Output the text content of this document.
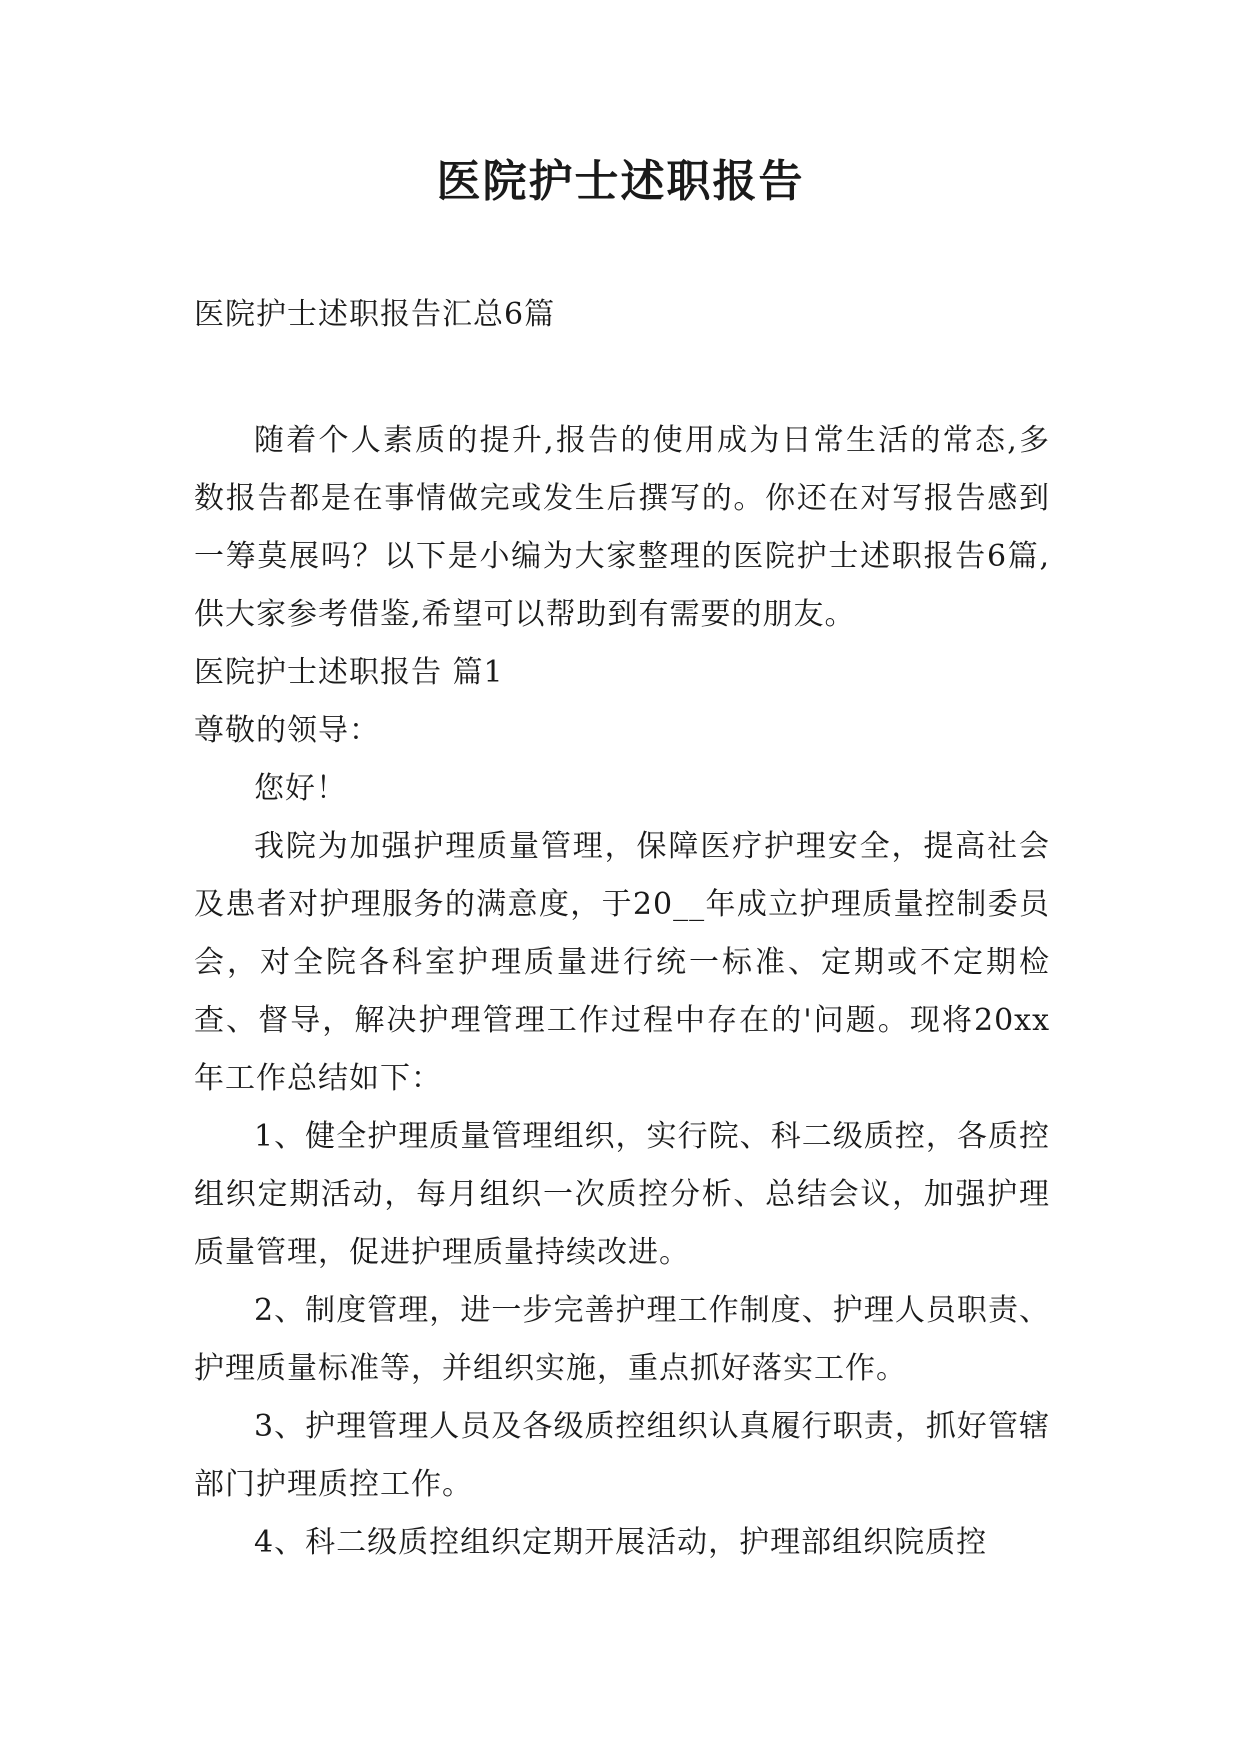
医院护士述职报告
医院护士述职报告汇总6篇

随着个人素质的提升,报告的使用成为日常生活的常态,多数报告都是在事情做完或发生后撰写的。你还在对写报告感到一筹莫展吗？以下是小编为大家整理的医院护士述职报告6篇,供大家参考借鉴,希望可以帮助到有需要的朋友。

医院护士述职报告 篇1

尊敬的领导：

您好！

我院为加强护理质量管理，保障医疗护理安全，提高社会及患者对护理服务的满意度，于20__年成立护理质量控制委员会，对全院各科室护理质量进行统一标准、定期或不定期检查、督导，解决护理管理工作过程中存在的'问题。现将20xx年工作总结如下：

1、健全护理质量管理组织，实行院、科二级质控，各质控组织定期活动，每月组织一次质控分析、总结会议，加强护理质量管理，促进护理质量持续改进。

2、制度管理，进一步完善护理工作制度、护理人员职责、护理质量标准等，并组织实施，重点抓好落实工作。

3、护理管理人员及各级质控组织认真履行职责，抓好管辖部门护理质控工作。

4、科二级质控组织定期开展活动，护理部组织院质控
